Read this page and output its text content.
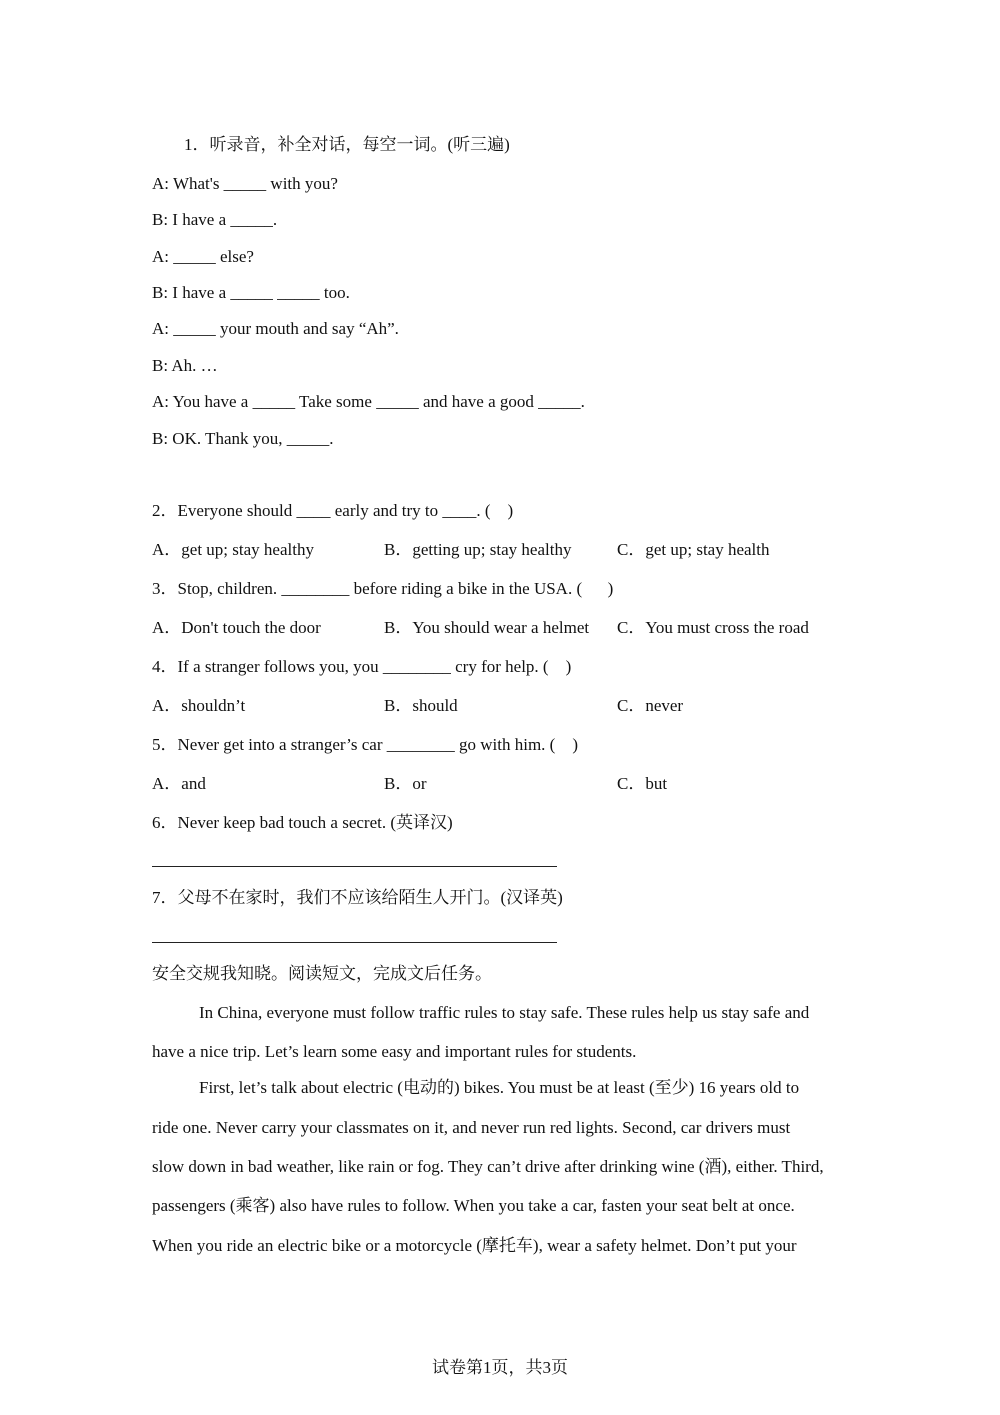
1．听录音，补全对话，每空一词。(听三遍)
A: What's _____ with you?
B: I have a _____.
A: _____ else?
B: I have a _____ _____ too.
A: _____ your mouth and say “Ah”.
B: Ah. …
A: You have a _____ Take some _____ and have a good _____.
B: OK. Thank you, _____.
2．Everyone should ____ early and try to ____. (    )
A．get up; stay healthy	B．getting up; stay healthy	C．get up; stay health
3．Stop, children. ________ before riding a bike in the USA. (      )
A．Don't touch the door	B．You should wear a helmet C．You must cross the road
4．If a stranger follows you, you ________ cry for help. (    )
A．shouldn’t	B．should	C．never
5．Never get into a stranger’s car ________ go with him. (    )
A．and	B．or	C．but
6．Never keep bad touch a secret. (英译汉)
7．父母不在家时，我们不应该给陌生人开门。(汉译英)
安全交规我知晓。阅读短文，完成文后任务。
In China, everyone must follow traffic rules to stay safe. These rules help us stay safe and
have a nice trip. Let’s learn some easy and important rules for students.
First, let’s talk about electric (电动的) bikes. You must be at least (至少) 16 years old to
ride one. Never carry your classmates on it, and never run red lights. Second, car drivers must
slow down in bad weather, like rain or fog. They can’t drive after drinking wine (酒), either. Third,
passengers (乘客) also have rules to follow. When you take a car, fasten your seat belt at once.
When you ride an electric bike or a motorcycle (摩托车), wear a safety helmet. Don’t put your
试卷第1页，共3页
